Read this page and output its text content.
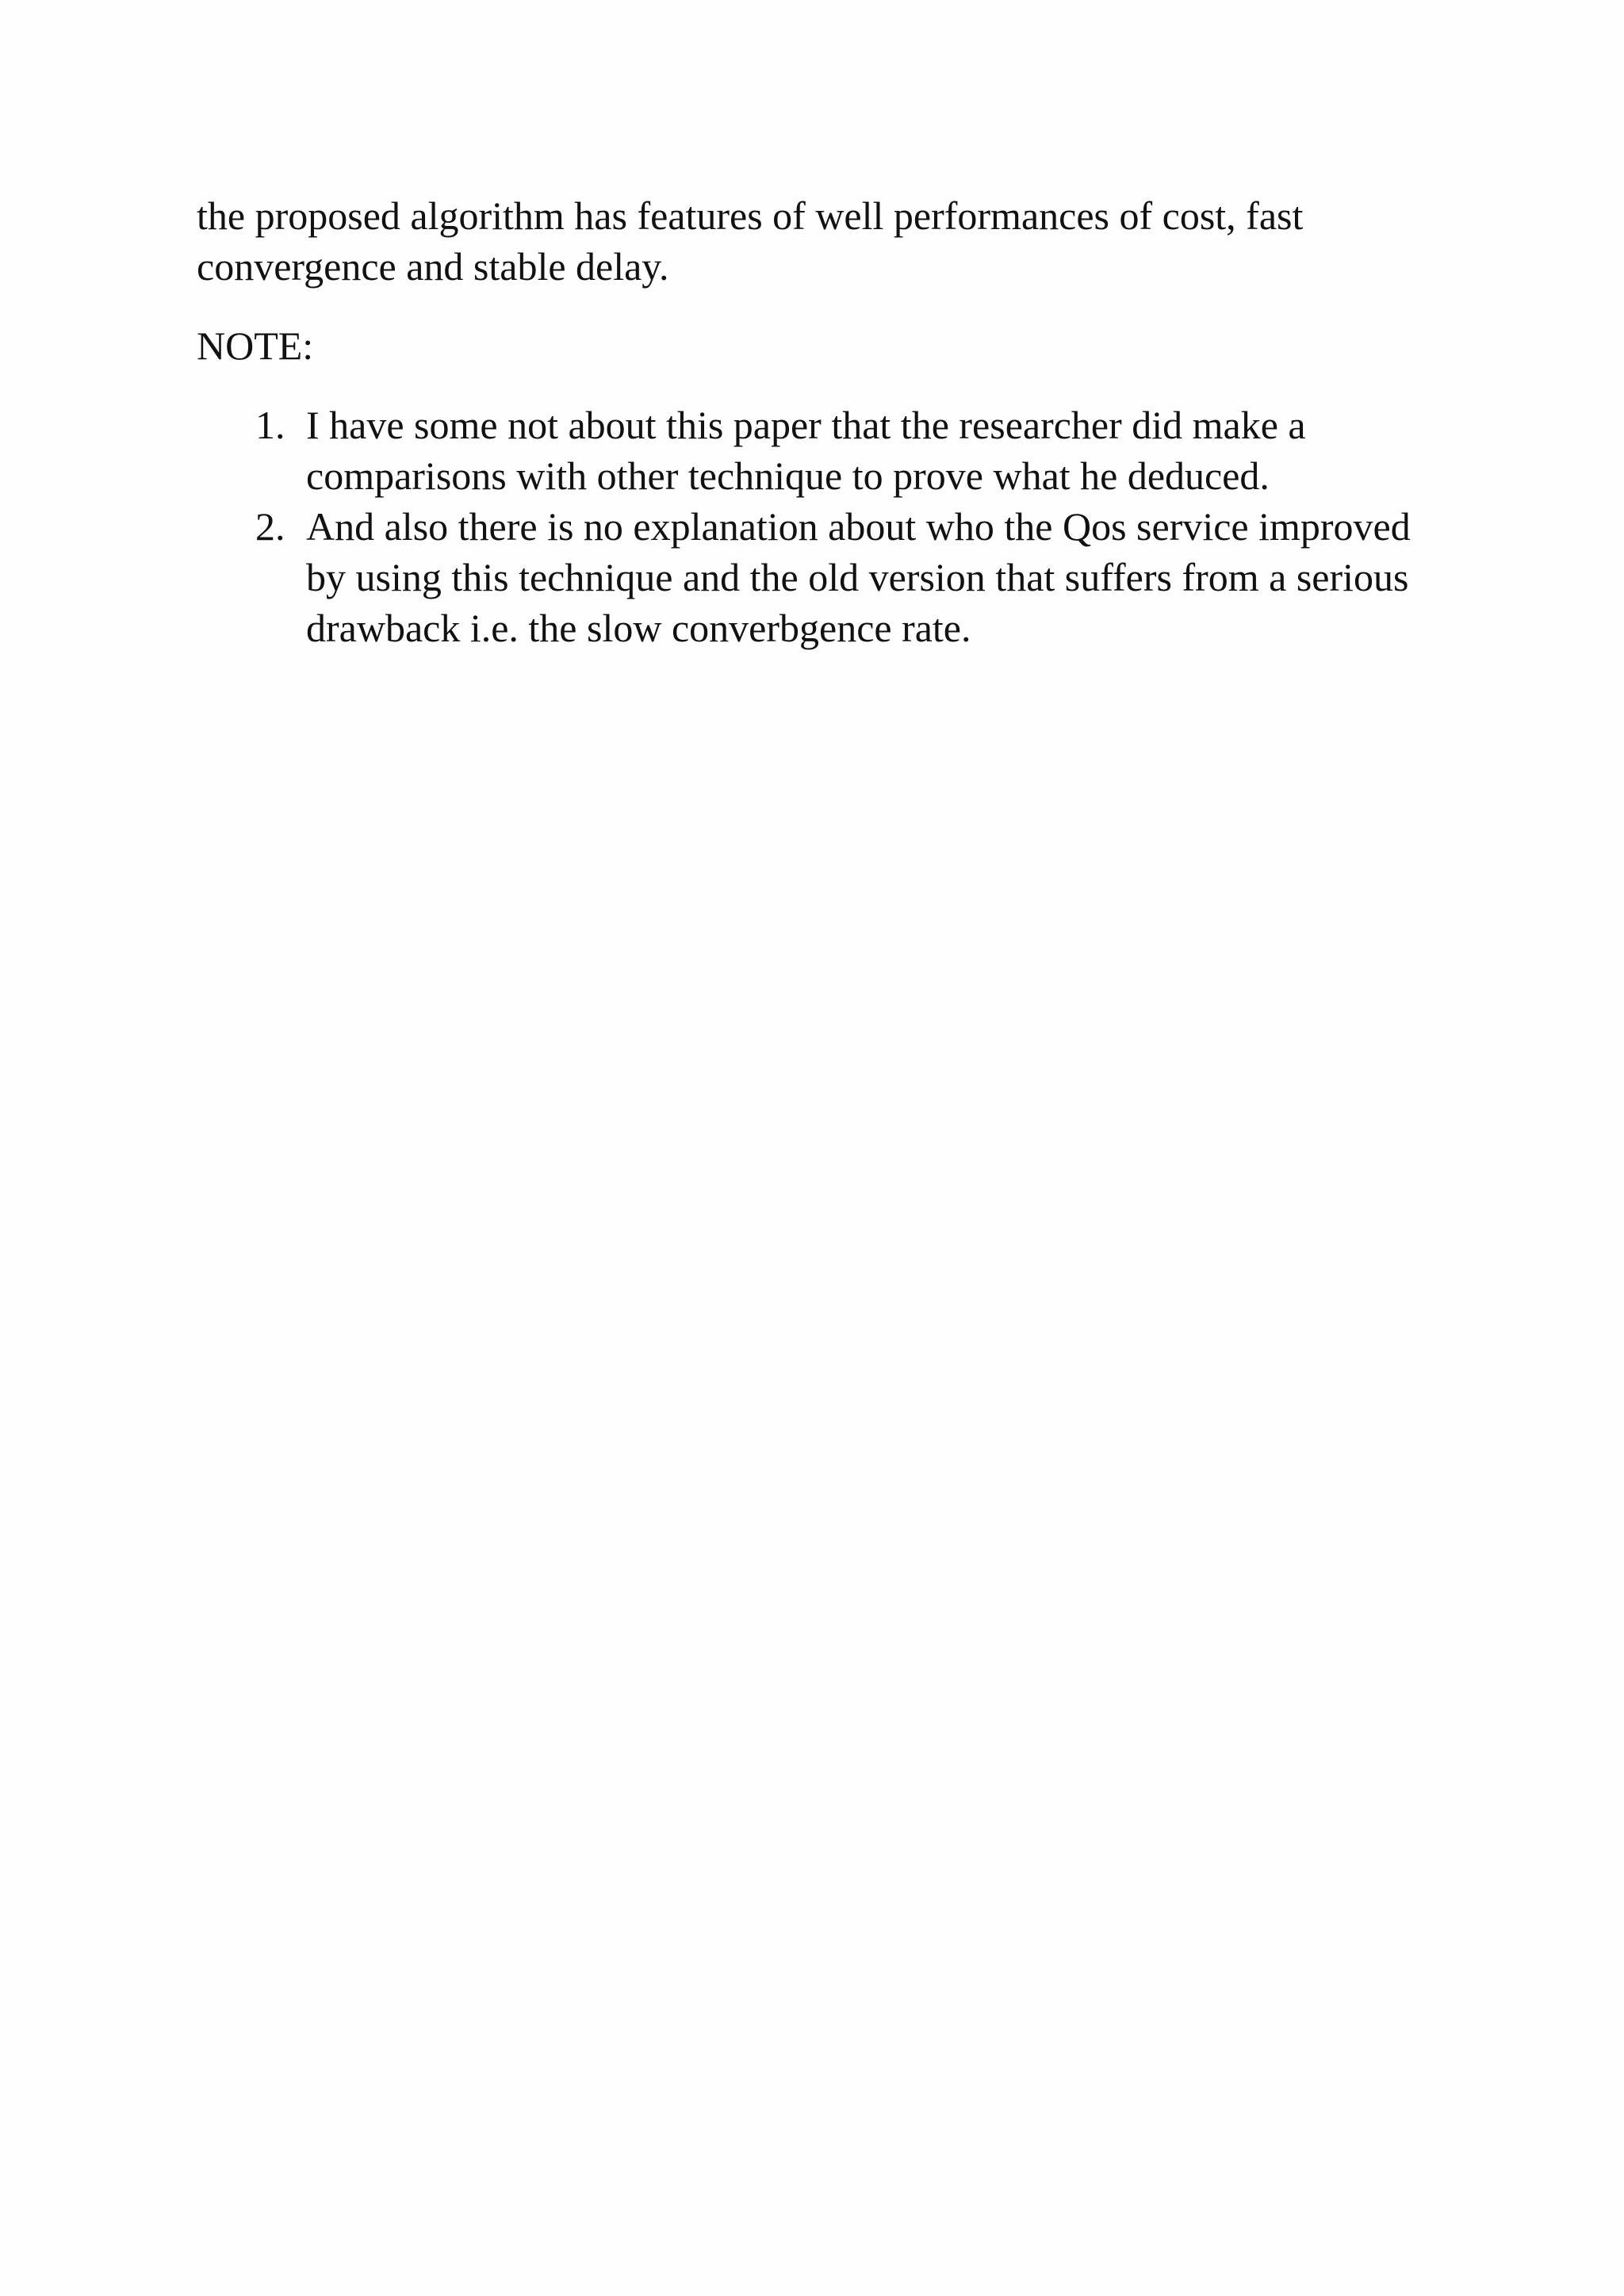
the proposed algorithm has features of well performances of cost, fast convergence and stable delay.

NOTE:

1. I have some not about this paper that the researcher did make a comparisons with other technique to prove what he deduced.
2. And also there is no explanation about who the Qos service improved by using this technique and the old version that suffers from a serious drawback i.e. the slow converbgence rate.
